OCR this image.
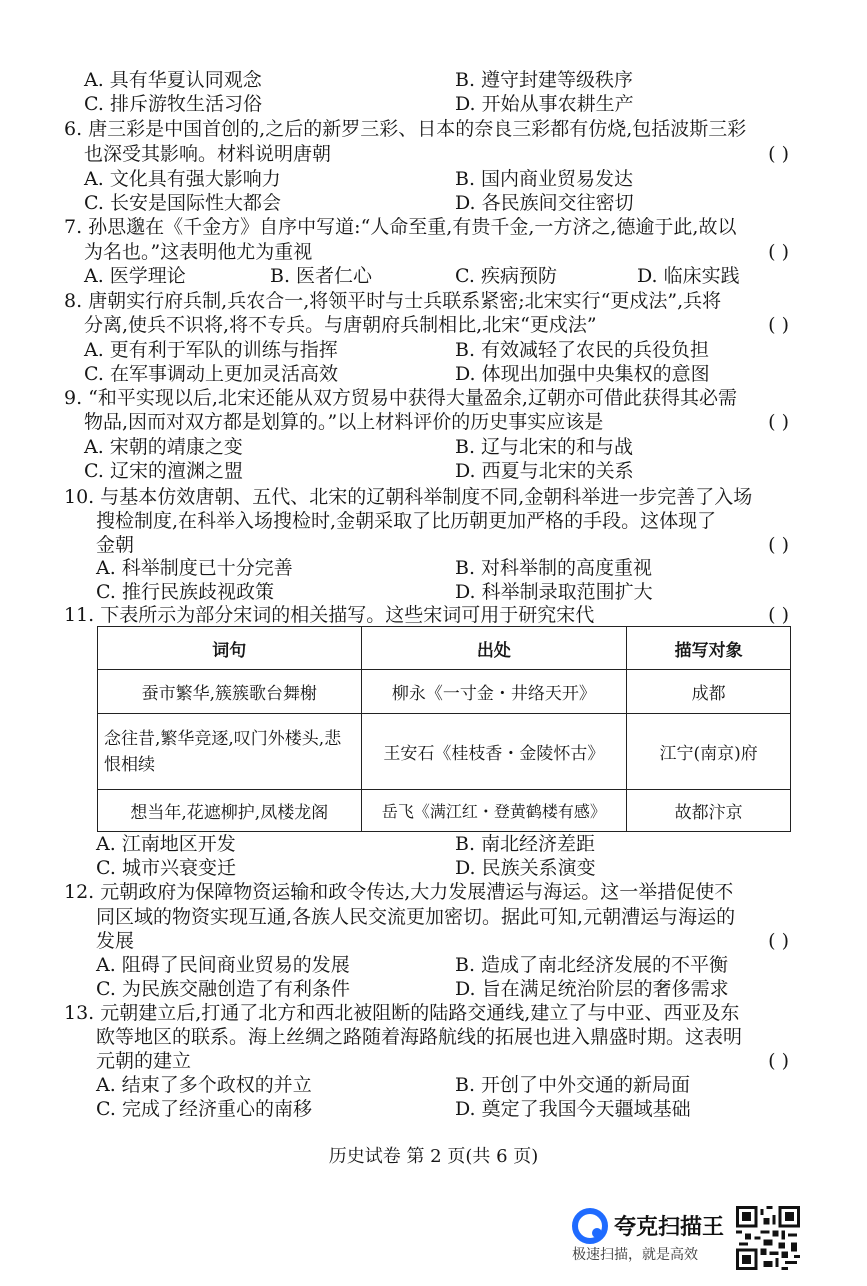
A. 具有华夏认同观念	B. 遵守封建等级秩序
C. 排斥游牧生活习俗	D. 开始从事农耕生产
6. 唐三彩是中国首创的,之后的新罗三彩、日本的奈良三彩都有仿烧,包括波斯三彩
也深受其影响。材料说明唐朝	( )
A. 文化具有强大影响力	B. 国内商业贸易发达
C. 长安是国际性大都会	D. 各民族间交往密切
7. 孙思邈在《千金方》自序中写道:“人命至重,有贵千金,一方济之,德逾于此,故以
为名也。”这表明他尤为重视	( )
A. 医学理论	B. 医者仁心	C. 疾病预防	D. 临床实践
8. 唐朝实行府兵制,兵农合一,将领平时与士兵联系紧密;北宋实行“更戍法”,兵将
分离,使兵不识将,将不专兵。与唐朝府兵制相比,北宋“更戍法”	( )
A. 更有利于军队的训练与指挥	B. 有效减轻了农民的兵役负担
C. 在军事调动上更加灵活高效	D. 体现出加强中央集权的意图
9. “和平实现以后,北宋还能从双方贸易中获得大量盈余,辽朝亦可借此获得其必需
物品,因而对双方都是划算的。”以上材料评价的历史事实应该是	( )
A. 宋朝的靖康之变	B. 辽与北宋的和与战
C. 辽宋的澶渊之盟	D. 西夏与北宋的关系
10. 与基本仿效唐朝、五代、北宋的辽朝科举制度不同,金朝科举进一步完善了入场
搜检制度,在科举入场搜检时,金朝采取了比历朝更加严格的手段。这体现了
金朝	( )
A. 科举制度已十分完善	B. 对科举制的高度重视
C. 推行民族歧视政策	D. 科举制录取范围扩大
11. 下表所示为部分宋词的相关描写。这些宋词可用于研究宋代	( )
词句	出处	描写对象
蚕市繁华,簇簇歌台舞榭	柳永《一寸金・井络天开》	成都
念往昔,繁华竞逐,叹门外楼头,悲恨相续	王安石《桂枝香・金陵怀古》	江宁(南京)府
想当年,花遮柳护,凤楼龙阁	岳飞《满江红・登黄鹤楼有感》	故都汴京
A. 江南地区开发	B. 南北经济差距
C. 城市兴衰变迁	D. 民族关系演变
12. 元朝政府为保障物资运输和政令传达,大力发展漕运与海运。这一举措促使不
同区域的物资实现互通,各族人民交流更加密切。据此可知,元朝漕运与海运的
发展	( )
A. 阻碍了民间商业贸易的发展	B. 造成了南北经济发展的不平衡
C. 为民族交融创造了有利条件	D. 旨在满足统治阶层的奢侈需求
13. 元朝建立后,打通了北方和西北被阻断的陆路交通线,建立了与中亚、西亚及东
欧等地区的联系。海上丝绸之路随着海路航线的拓展也进入鼎盛时期。这表明
元朝的建立	( )
A. 结束了多个政权的并立	B. 开创了中外交通的新局面
C. 完成了经济重心的南移	D. 奠定了我国今天疆域基础
历史试卷 第 2 页(共 6 页)
夸克扫描王
极速扫描，就是高效
